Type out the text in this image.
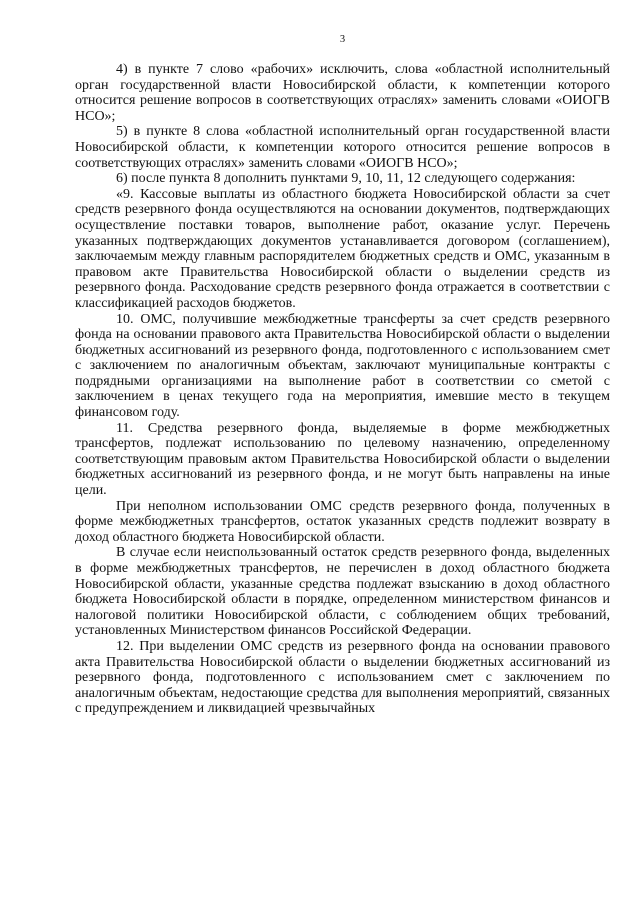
3

4) в пункте 7 слово «рабочих» исключить, слова «областной исполнительный орган государственной власти Новосибирской области, к компетенции которого относится решение вопросов в соответствующих отраслях» заменить словами «ОИОГВ НСО»;

5) в пункте 8 слова «областной исполнительный орган государственной власти Новосибирской области, к компетенции которого относится решение вопросов в соответствующих отраслях» заменить словами «ОИОГВ НСО»;

6) после пункта 8 дополнить пунктами 9, 10, 11, 12 следующего содержания:

«9. Кассовые выплаты из областного бюджета Новосибирской области за счет средств резервного фонда осуществляются на основании документов, подтверждающих осуществление поставки товаров, выполнение работ, оказание услуг. Перечень указанных подтверждающих документов устанавливается договором (соглашением), заключаемым между главным распорядителем бюджетных средств и ОМС, указанным в правовом акте Правительства Новосибирской области о выделении средств из резервного фонда. Расходование средств резервного фонда отражается в соответствии с классификацией расходов бюджетов.

10. ОМС, получившие межбюджетные трансферты за счет средств резервного фонда на основании правового акта Правительства Новосибирской области о выделении бюджетных ассигнований из резервного фонда, подготовленного с использованием смет с заключением по аналогичным объектам, заключают муниципальные контракты с подрядными организациями на выполнение работ в соответствии со сметой с заключением в ценах текущего года на мероприятия, имевшие место в текущем финансовом году.

11. Средства резервного фонда, выделяемые в форме межбюджетных трансфертов, подлежат использованию по целевому назначению, определенному соответствующим правовым актом Правительства Новосибирской области о выделении бюджетных ассигнований из резервного фонда, и не могут быть направлены на иные цели.

При неполном использовании ОМС средств резервного фонда, полученных в форме межбюджетных трансфертов, остаток указанных средств подлежит возврату в доход областного бюджета Новосибирской области.

В случае если неиспользованный остаток средств резервного фонда, выделенных в форме межбюджетных трансфертов, не перечислен в доход областного бюджета Новосибирской области, указанные средства подлежат взысканию в доход областного бюджета Новосибирской области в порядке, определенном министерством финансов и налоговой политики Новосибирской области, с соблюдением общих требований, установленных Министерством финансов Российской Федерации.

12. При выделении ОМС средств из резервного фонда на основании правового акта Правительства Новосибирской области о выделении бюджетных ассигнований из резервного фонда, подготовленного с использованием смет с заключением по аналогичным объектам, недостающие средства для выполнения мероприятий, связанных с предупреждением и ликвидацией чрезвычайных
